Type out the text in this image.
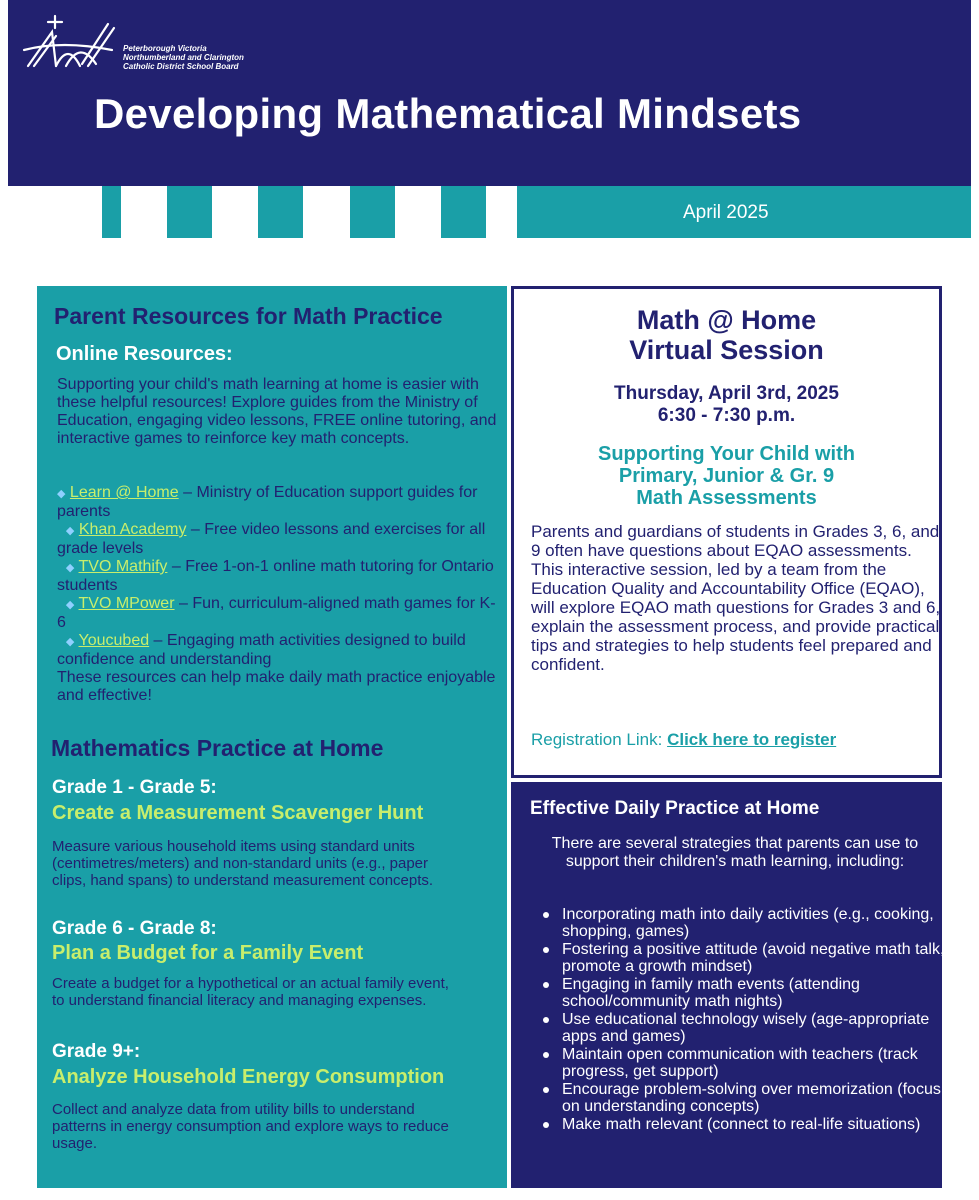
Peterborough Victoria
Northumberland and Clarington
Catholic District School Board
Developing Mathematical Mindsets
April 2025
Parent Resources for Math Practice
Online Resources:
Supporting your child's math learning at home is easier with these helpful resources! Explore guides from the Ministry of Education, engaging video lessons, FREE online tutoring, and interactive games to reinforce key math concepts.
◆ Learn @ Home – Ministry of Education support guides for parents
◆ Khan Academy – Free video lessons and exercises for all grade levels
◆ TVO Mathify – Free 1-on-1 online math tutoring for Ontario students
◆ TVO MPower – Fun, curriculum-aligned math games for K-6
◆ Youcubed – Engaging math activities designed to build confidence and understanding
These resources can help make daily math practice enjoyable and effective!
Mathematics Practice at Home
Grade 1 - Grade 5:
Create a Measurement Scavenger Hunt
Measure various household items using standard units (centimetres/meters) and non-standard units (e.g., paper clips, hand spans) to understand measurement concepts.
Grade 6 - Grade 8:
Plan a Budget for a Family Event
Create a budget for a hypothetical or an actual family event, to understand financial literacy and managing expenses.
Grade 9+:
Analyze Household Energy Consumption
Collect and analyze data from utility bills to understand patterns in energy consumption and explore ways to reduce usage.
Math @ Home
Virtual Session
Thursday, April 3rd, 2025
6:30 - 7:30 p.m.
Supporting Your Child with
Primary, Junior & Gr. 9
Math Assessments
Parents and guardians of students in Grades 3, 6, and 9 often have questions about EQAO assessments. This interactive session, led by a team from the Education Quality and Accountability Office (EQAO), will explore EQAO math questions for Grades 3 and 6, explain the assessment process, and provide practical tips and strategies to help students feel prepared and confident.
Registration Link: Click here to register
Effective Daily Practice at Home
There are several strategies that parents can use to support their children's math learning, including:
Incorporating math into daily activities (e.g., cooking, shopping, games)
Fostering a positive attitude (avoid negative math talk, promote a growth mindset)
Engaging in family math events (attending school/community math nights)
Use educational technology wisely (age-appropriate apps and games)
Maintain open communication with teachers (track progress, get support)
Encourage problem-solving over memorization (focus on understanding concepts)
Make math relevant (connect to real-life situations)
